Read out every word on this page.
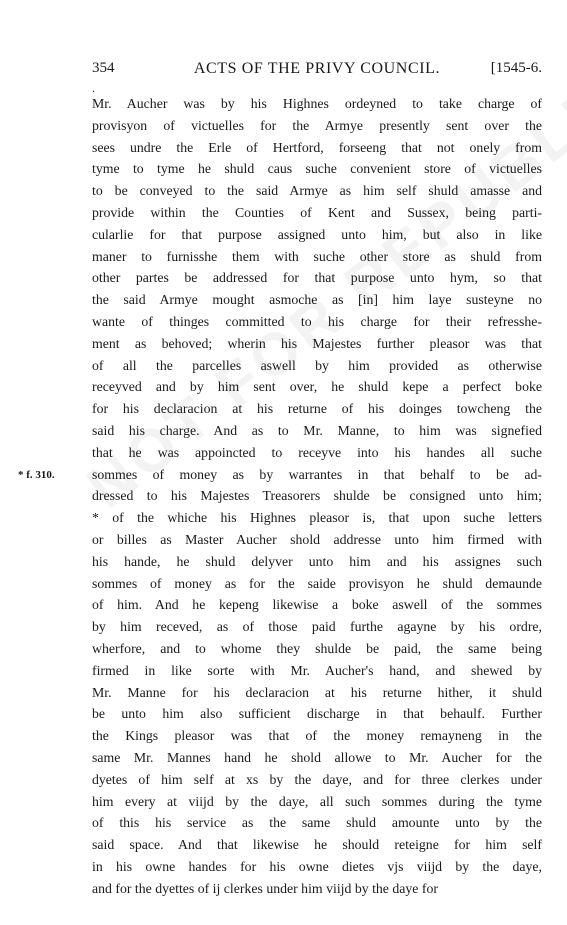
354	ACTS OF THE PRIVY COUNCIL.	[1545-6.
.
* f. 310.
Mr. Aucher was by his Highnes ordeyned to take charge of
provisyon of victuelles for the Armye presently sent over the
sees undre the Erle of Hertford, forseeng that not onely from
tyme to tyme he shuld caus suche convenient store of victuelles
to be conveyed to the said Armye as him self shuld amasse and
provide within the Counties of Kent and Sussex, being parti-
cularlie for that purpose assigned unto him, but also in like
maner to furnisshe them with suche other store as shuld from
other partes be addressed for that purpose unto hym, so that
the said Armye mought asmoche as [in] him laye susteyne no
wante of thinges committed to his charge for their refresshe-
ment as behoved; wherin his Majestes further pleasor was that
of all the parcelles aswell by him provided as otherwise
receyved and by him sent over, he shuld kepe a perfect boke
for his declaracion at his returne of his doinges towcheng the
said his charge. And as to Mr. Manne, to him was signefied
that he was appoincted to receyve into his handes all suche
sommes of money as by warrantes in that behalf to be ad-
dressed to his Majestes Treasorers shulde be consigned unto him;
* of the whiche his Highnes pleasor is, that upon suche letters
or billes as Master Aucher shold addresse unto him firmed with
his hande, he shuld delyver unto him and his assignes such
sommes of money as for the saide provisyon he shuld demaunde
of him. And he kepeng likewise a boke aswell of the sommes
by him receved, as of those paid furthe agayne by his ordre,
wherfore, and to whome they shulde be paid, the same being
firmed in like sorte with Mr. Aucher's hand, and shewed by
Mr. Manne for his declaracion at his returne hither, it shuld
be unto him also sufficient discharge in that behaulf. Further
the Kings pleasor was that of the money remayneng in the
same Mr. Mannes hand he shold allowe to Mr. Aucher for the
dyetes of him self at xs by the daye, and for three clerkes under
him every at viijd by the daye, all such sommes during the tyme
of this his service as the same shuld amounte unto by the
said space. And that likewise he should reteigne for him self
in his owne handes for his owne dietes vjs viijd by the daye,
and for the dyettes of ij clerkes under him viijd by the daye for
